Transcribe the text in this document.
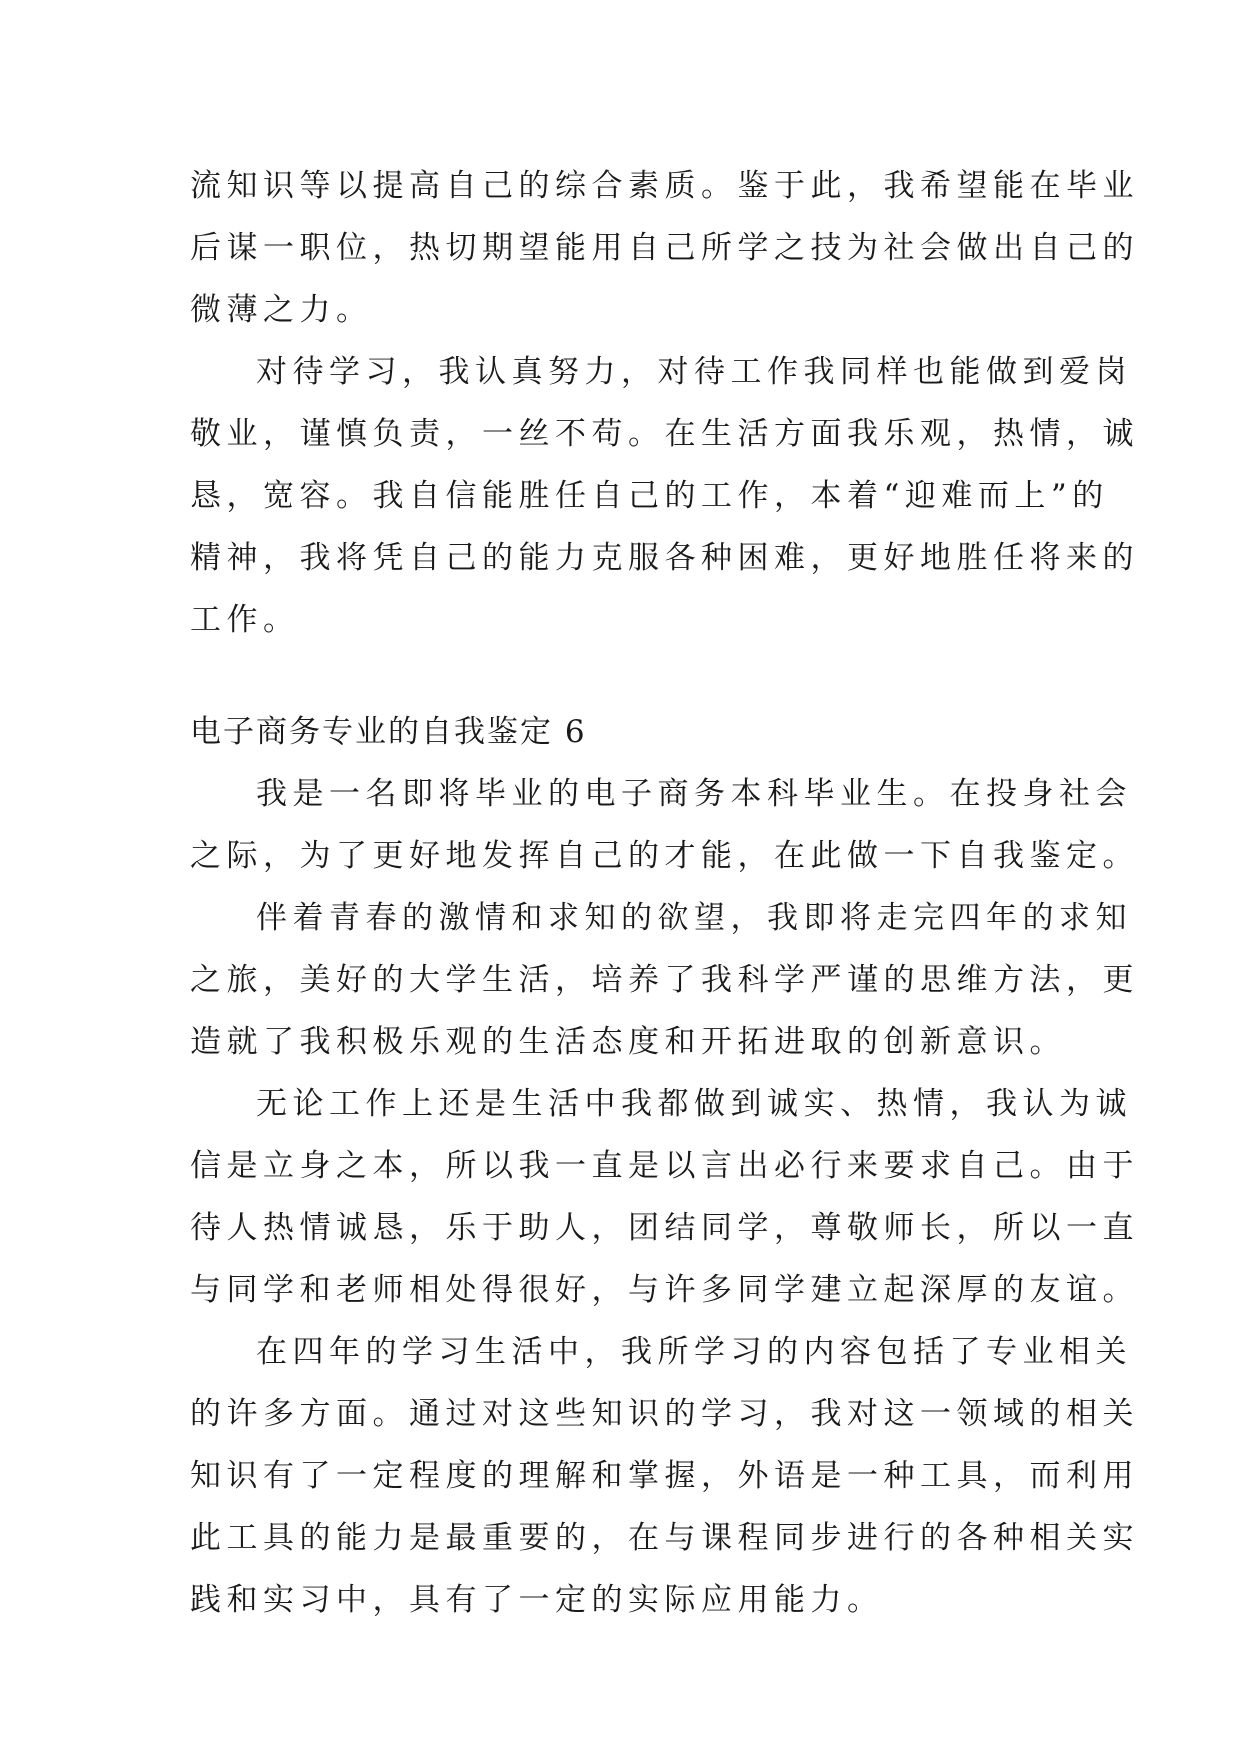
流知识等以提高自己的综合素质。鉴于此，我希望能在毕业
后谋一职位，热切期望能用自己所学之技为社会做出自己的
微薄之力。
对待学习，我认真努力，对待工作我同样也能做到爱岗
敬业，谨慎负责，一丝不苟。在生活方面我乐观，热情，诚
恳，宽容。我自信能胜任自己的工作，本着“迎难而上”的
精神，我将凭自己的能力克服各种困难，更好地胜任将来的
工作。
电子商务专业的自我鉴定 6
我是一名即将毕业的电子商务本科毕业生。在投身社会
之际，为了更好地发挥自己的才能，在此做一下自我鉴定。
伴着青春的激情和求知的欲望，我即将走完四年的求知
之旅，美好的大学生活，培养了我科学严谨的思维方法，更
造就了我积极乐观的生活态度和开拓进取的创新意识。
无论工作上还是生活中我都做到诚实、热情，我认为诚
信是立身之本，所以我一直是以言出必行来要求自己。由于
待人热情诚恳，乐于助人，团结同学，尊敬师长，所以一直
与同学和老师相处得很好，与许多同学建立起深厚的友谊。
在四年的学习生活中，我所学习的内容包括了专业相关
的许多方面。通过对这些知识的学习，我对这一领域的相关
知识有了一定程度的理解和掌握，外语是一种工具，而利用
此工具的能力是最重要的，在与课程同步进行的各种相关实
践和实习中，具有了一定的实际应用能力。
